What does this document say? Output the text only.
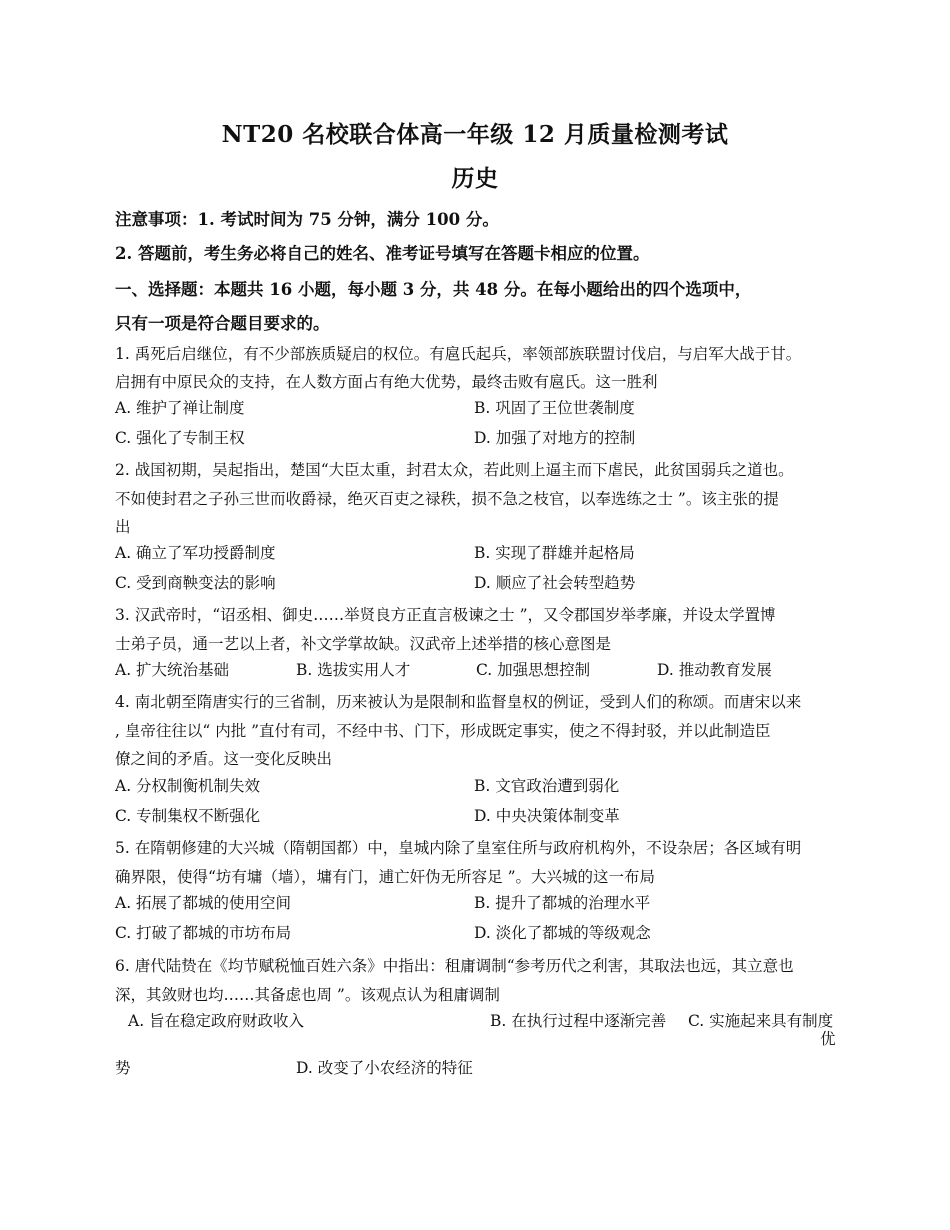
NT20 名校联合体高一年级 12 月质量检测考试
历史
注意事项：1. 考试时间为 75 分钟，满分 100 分。
2. 答题前，考生务必将自己的姓名、准考证号填写在答题卡相应的位置。
一、选择题：本题共 16 小题，每小题 3 分，共 48 分。在每小题给出的四个选项中，
只有一项是符合题目要求的。
1. 禹死后启继位，有不少部族质疑启的权位。有扈氏起兵，率领部族联盟讨伐启，与启军大战于甘。
启拥有中原民众的支持，在人数方面占有绝大优势，最终击败有扈氏。这一胜利
A. 维护了禅让制度	B. 巩固了王位世袭制度
C. 强化了专制王权	D. 加强了对地方的控制
2. 战国初期，吴起指出，楚国“大臣太重，封君太众，若此则上逼主而下虐民，此贫国弱兵之道也。
不如使封君之子孙三世而收爵禄，绝灭百吏之禄秩，损不急之枝官，以奉选练之士 ”。该主张的提
出
A. 确立了军功授爵制度	B. 实现了群雄并起格局
C. 受到商鞅变法的影响	D. 顺应了社会转型趋势
3. 汉武帝时，“诏丞相、御史……举贤良方正直言极谏之士 ”，又令郡国岁举孝廉，并设太学置博
士弟子员，通一艺以上者，补文学掌故缺。汉武帝上述举措的核心意图是
A. 扩大统治基础	B. 选拔实用人才	C. 加强思想控制	D. 推动教育发展
4. 南北朝至隋唐实行的三省制，历来被认为是限制和监督皇权的例证，受到人们的称颂。而唐宋以来
, 皇帝往往以“ 内批 ”直付有司，不经中书、门下，形成既定事实，使之不得封驳，并以此制造臣
僚之间的矛盾。这一变化反映出
A. 分权制衡机制失效	B. 文官政治遭到弱化
C. 专制集权不断强化	D. 中央决策体制变革
5. 在隋朝修建的大兴城（隋朝国都）中，皇城内除了皇室住所与政府机构外，不设杂居；各区域有明
确界限，使得“坊有墉（墙），墉有门，逋亡奸伪无所容足 ”。大兴城的这一布局
A. 拓展了都城的使用空间	B. 提升了都城的治理水平
C. 打破了都城的市坊布局	D. 淡化了都城的等级观念
6. 唐代陆贽在《均节赋税恤百姓六条》中指出：租庸调制“参考历代之利害，其取法也远，其立意也
深，其敛财也均……其备虑也周 ”。该观点认为租庸调制
A. 旨在稳定政府财政收入	B. 在执行过程中逐渐完善 C. 实施起来具有制度
优
势	D. 改变了小农经济的特征
